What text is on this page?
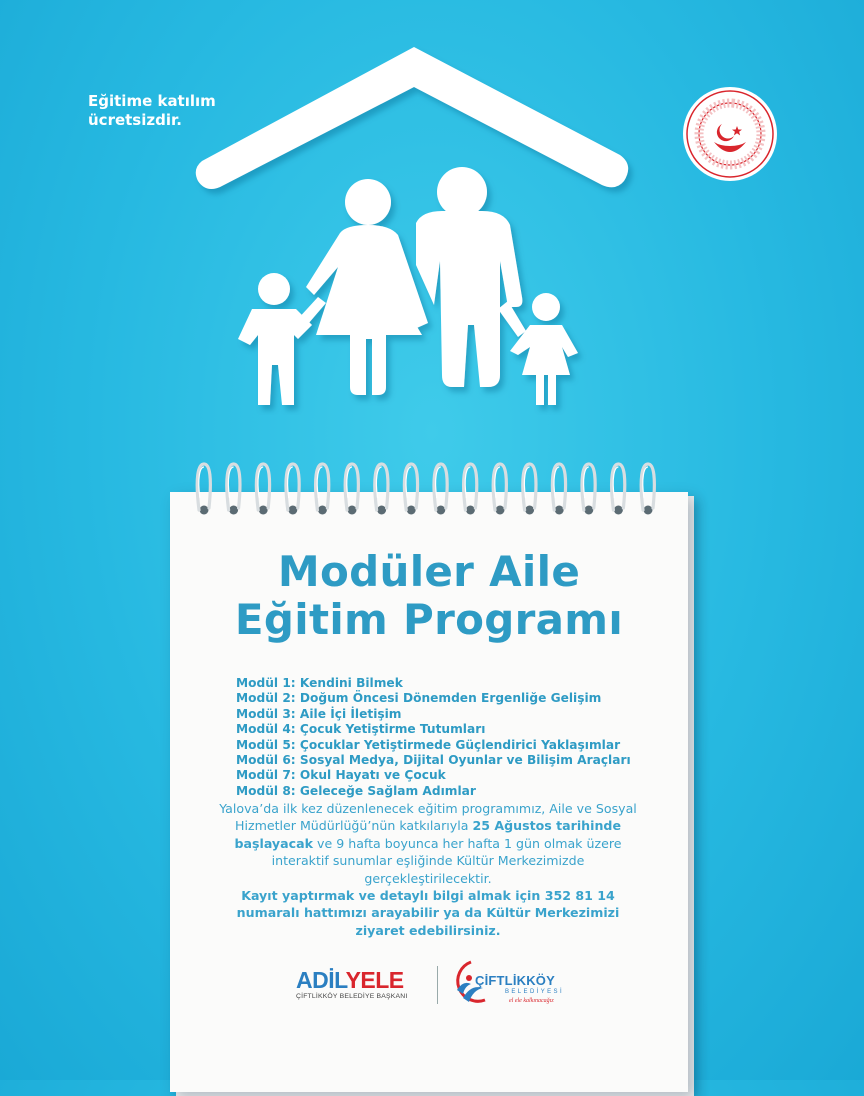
Eğitime katılım
ücretsizdir.
Modüler Aile
Eğitim Programı
Modül 1: Kendini Bilmek
Modül 2: Doğum Öncesi Dönemden Ergenliğe Gelişim
Modül 3: Aile İçi İletişim
Modül 4: Çocuk Yetiştirme Tutumları
Modül 5: Çocuklar Yetiştirmede Güçlendirici Yaklaşımlar
Modül 6: Sosyal Medya, Dijital Oyunlar ve Bilişim Araçları
Modül 7: Okul Hayatı ve Çocuk
Modül 8: Geleceğe Sağlam Adımlar
Yalova’da ilk kez düzenlenecek eğitim programımız, Aile ve Sosyal Hizmetler Müdürlüğü’nün katkılarıyla 25 Ağustos tarihinde başlayacak ve 9 hafta boyunca her hafta 1 gün olmak üzere interaktif sunumlar eşliğinde Kültür Merkezimizde gerçekleştirilecektir.
Kayıt yaptırmak ve detaylı bilgi almak için 352 81 14 numaralı hattımızı arayabilir ya da Kültür Merkezimizi ziyaret edebilirsiniz.
ADİLYELE
ÇİFTLİKKÖY BELEDİYE BAŞKANI
ÇİFTLİKKÖY
BELEDİYESİ
el ele kalkınacağız
